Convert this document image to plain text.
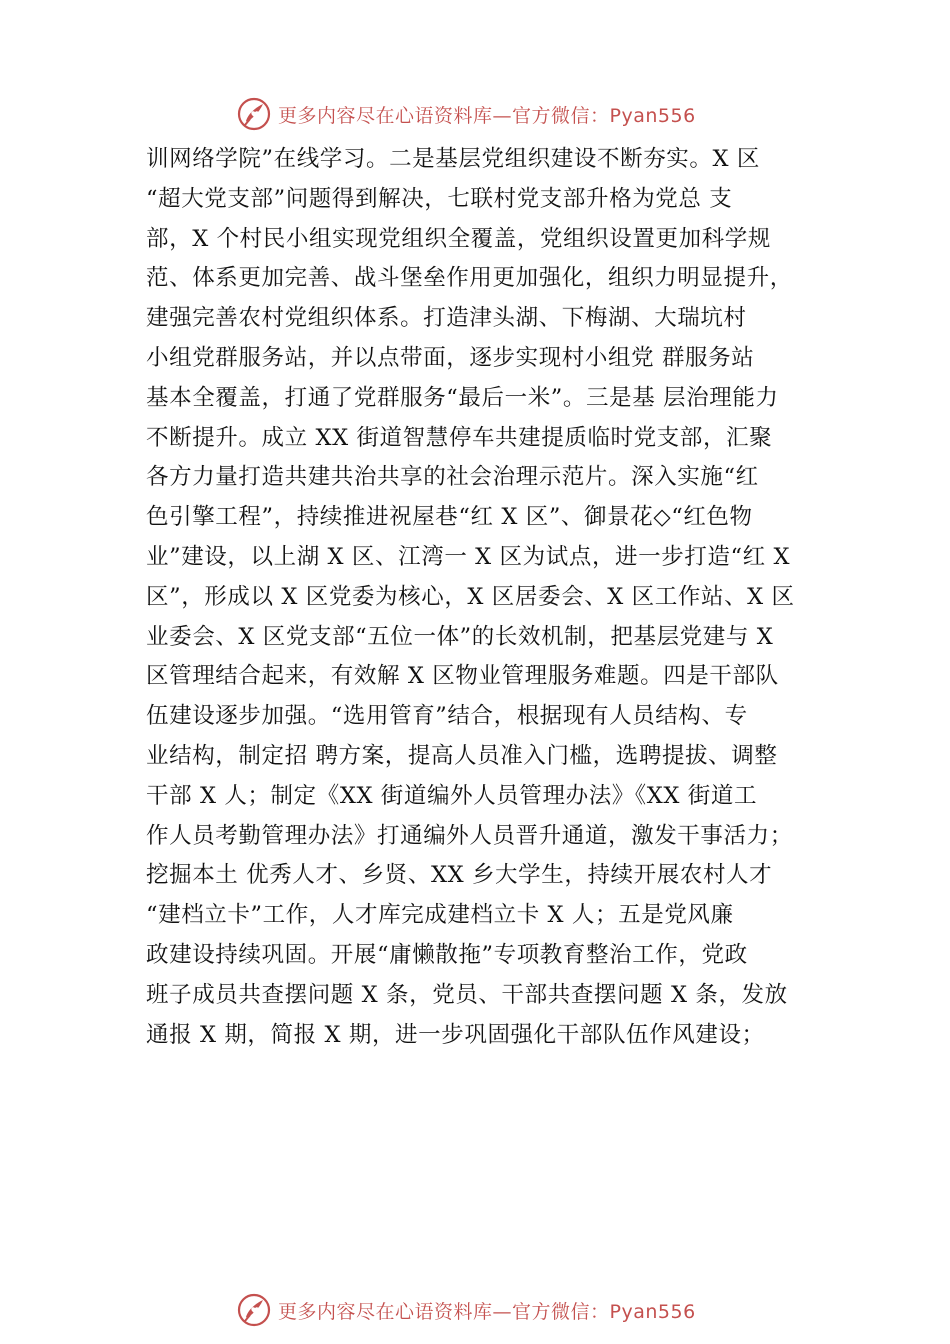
更多内容尽在心语资料库—官方微信：Pyan556
训网络学院”在线学习。二是基层党组织建设不断夯实。X 区
“超大党支部”问题得到解决，七联村党支部升格为党总 支
部，X 个村民小组实现党组织全覆盖，党组织设置更加科学规
范、体系更加完善、战斗堡垒作用更加强化，组织力明显提升，
建强完善农村党组织体系。打造津头湖、下梅湖、大瑞坑村
小组党群服务站，并以点带面，逐步实现村小组党 群服务站
基本全覆盖，打通了党群服务“最后一米”。三是基 层治理能力
不断提升。成立 XX 街道智慧停车共建提质临时党支部，汇聚
各方力量打造共建共治共享的社会治理示范片。深入实施“红
色引擎工程”，持续推进祝屋巷“红 X 区”、御景花◇“红色物
业”建设，以上湖 X 区、江湾一 X 区为试点，进一步打造“红 X
区”，形成以 X 区党委为核心，X 区居委会、X 区工作站、X 区
业委会、X 区党支部“五位一体”的长效机制，把基层党建与 X
区管理结合起来，有效解 X 区物业管理服务难题。四是干部队
伍建设逐步加强。“选用管育”结合，根据现有人员结构、专
业结构，制定招 聘方案，提高人员准入门槛，选聘提拔、调整
干部 X 人；制定《XX 街道编外人员管理办法》《XX 街道工
作人员考勤管理办法》打通编外人员晋升通道，激发干事活力；
挖掘本土 优秀人才、乡贤、XX 乡大学生，持续开展农村人才
“建档立卡”工作，人才库完成建档立卡 X 人；五是党风廉
政建设持续巩固。开展“庸懒散拖”专项教育整治工作，党政
班子成员共查摆问题 X 条，党员、干部共查摆问题 X 条，发放
通报 X 期，简报 X 期，进一步巩固强化干部队伍作风建设；
更多内容尽在心语资料库—官方微信：Pyan556
